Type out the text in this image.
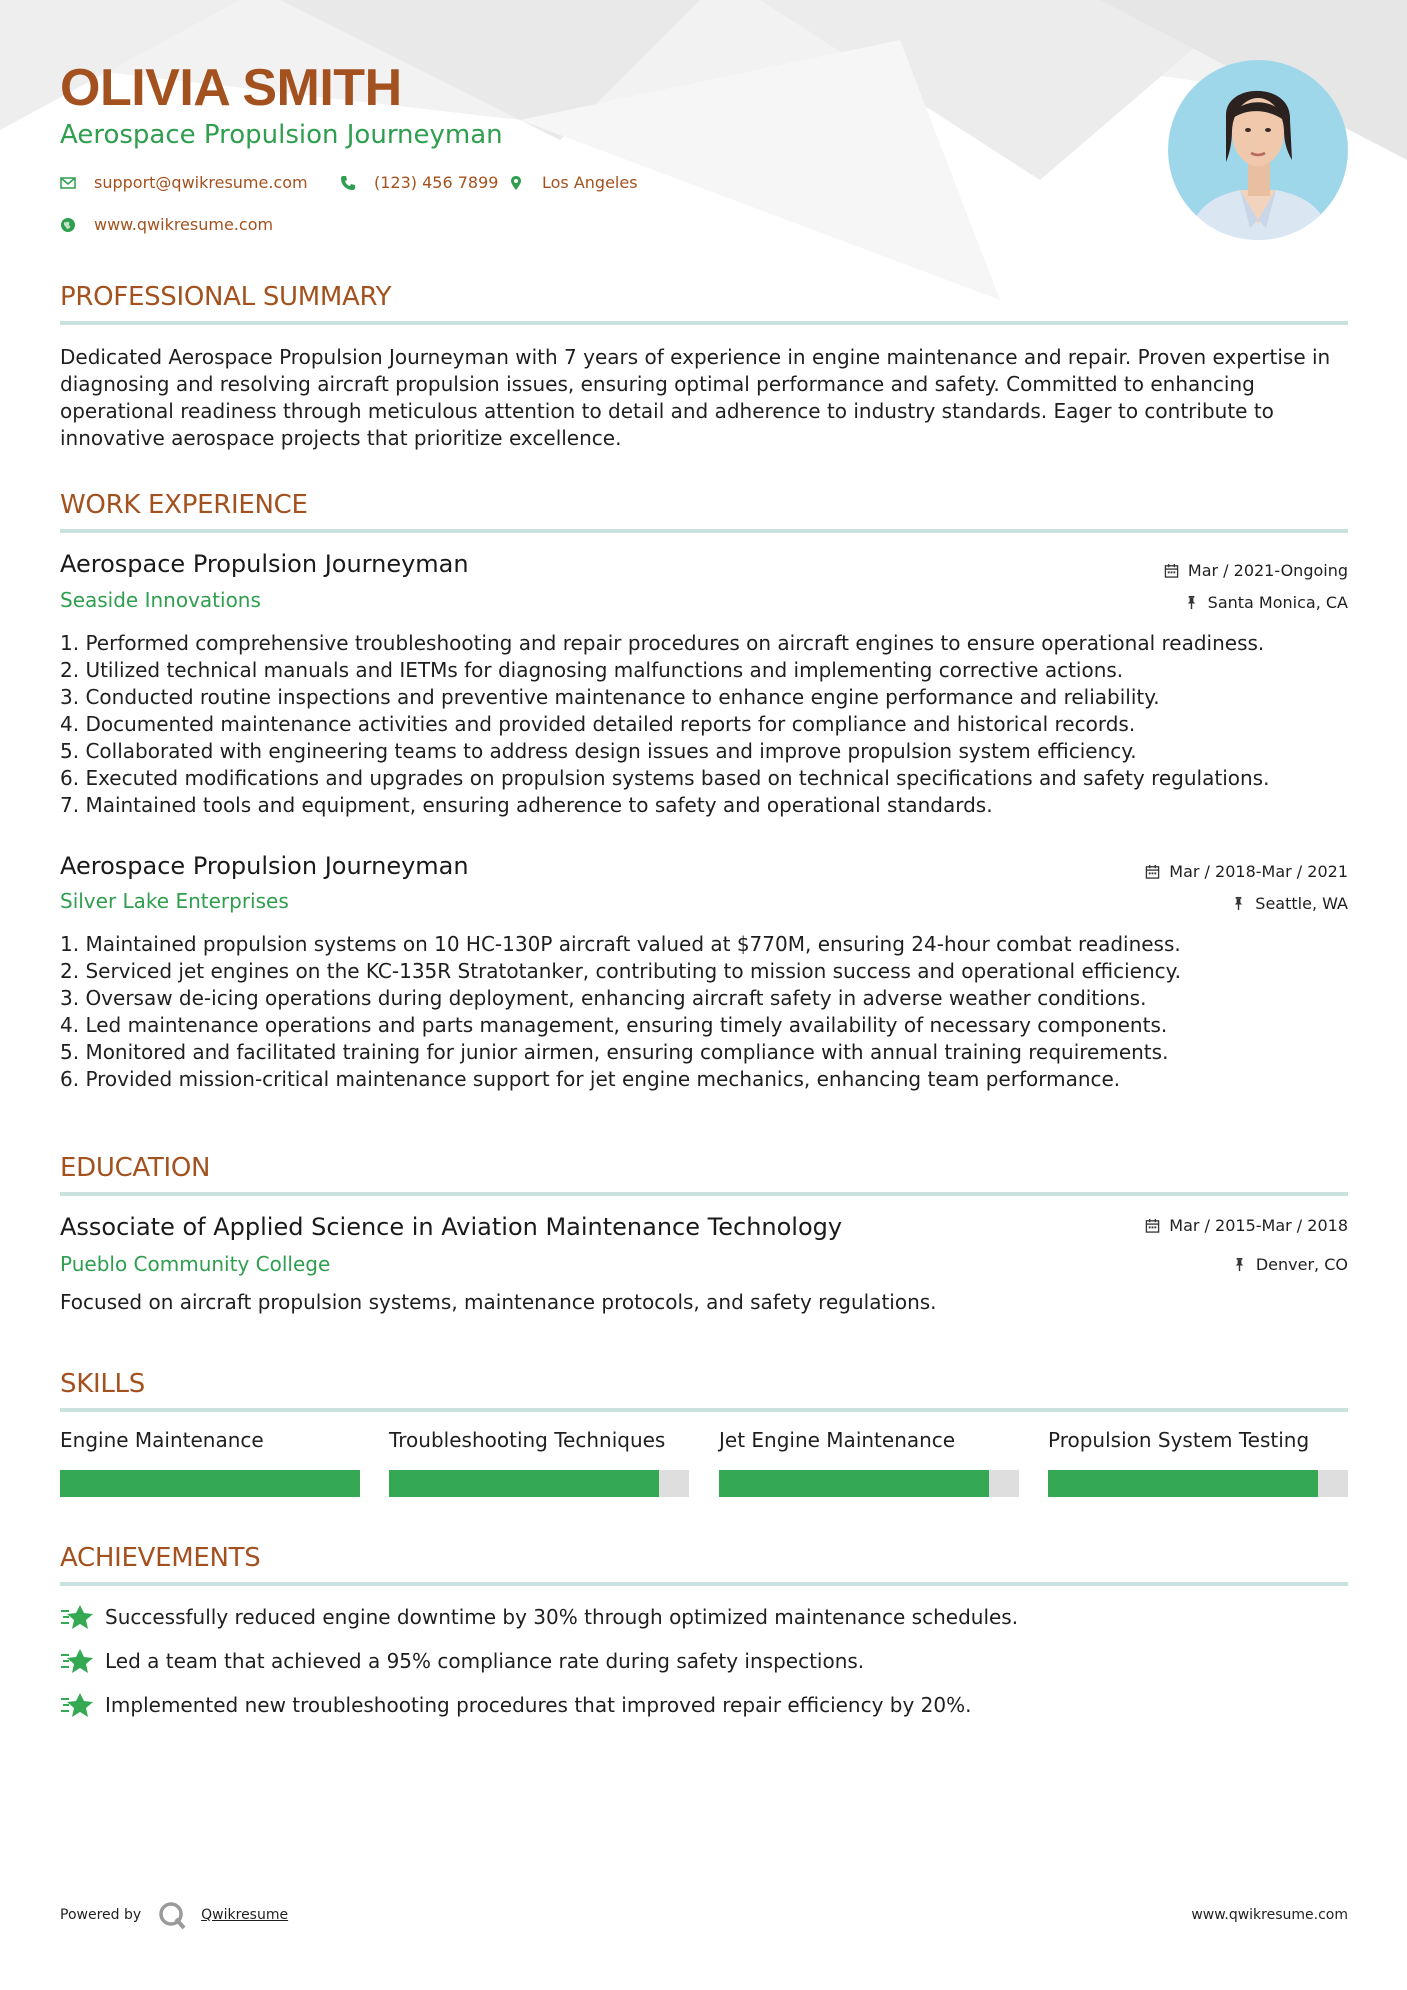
OLIVIA SMITH
Aerospace Propulsion Journeyman
support@qwikresume.com	(123) 456 7899	Los Angeles
www.qwikresume.com
PROFESSIONAL SUMMARY
Dedicated Aerospace Propulsion Journeyman with 7 years of experience in engine maintenance and repair. Proven expertise in diagnosing and resolving aircraft propulsion issues, ensuring optimal performance and safety. Committed to enhancing operational readiness through meticulous attention to detail and adherence to industry standards. Eager to contribute to innovative aerospace projects that prioritize excellence.
WORK EXPERIENCE
Aerospace Propulsion Journeyman	Mar / 2021-Ongoing
Seaside Innovations	Santa Monica, CA
1. Performed comprehensive troubleshooting and repair procedures on aircraft engines to ensure operational readiness.
2. Utilized technical manuals and IETMs for diagnosing malfunctions and implementing corrective actions.
3. Conducted routine inspections and preventive maintenance to enhance engine performance and reliability.
4. Documented maintenance activities and provided detailed reports for compliance and historical records.
5. Collaborated with engineering teams to address design issues and improve propulsion system efficiency.
6. Executed modifications and upgrades on propulsion systems based on technical specifications and safety regulations.
7. Maintained tools and equipment, ensuring adherence to safety and operational standards.
Aerospace Propulsion Journeyman	Mar / 2018-Mar / 2021
Silver Lake Enterprises	Seattle, WA
1. Maintained propulsion systems on 10 HC-130P aircraft valued at $770M, ensuring 24-hour combat readiness.
2. Serviced jet engines on the KC-135R Stratotanker, contributing to mission success and operational efficiency.
3. Oversaw de-icing operations during deployment, enhancing aircraft safety in adverse weather conditions.
4. Led maintenance operations and parts management, ensuring timely availability of necessary components.
5. Monitored and facilitated training for junior airmen, ensuring compliance with annual training requirements.
6. Provided mission-critical maintenance support for jet engine mechanics, enhancing team performance.
EDUCATION
Associate of Applied Science in Aviation Maintenance Technology	Mar / 2015-Mar / 2018
Pueblo Community College	Denver, CO
Focused on aircraft propulsion systems, maintenance protocols, and safety regulations.
SKILLS
Engine Maintenance	Troubleshooting Techniques	Jet Engine Maintenance	Propulsion System Testing
ACHIEVEMENTS
Successfully reduced engine downtime by 30% through optimized maintenance schedules.
Led a team that achieved a 95% compliance rate during safety inspections.
Implemented new troubleshooting procedures that improved repair efficiency by 20%.
Powered by	Qwikresume	www.qwikresume.com
